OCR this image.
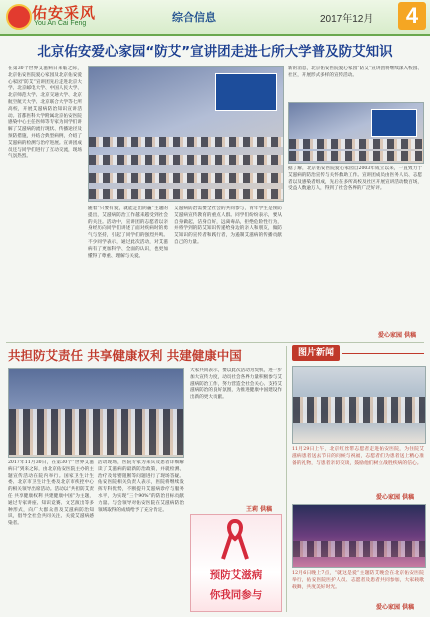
佑安采风
You An Cai Feng	综合信息	2017年12月	4
北京佑安爱心家园“防艾”宣讲团走进七所大学普及防艾知识
在第30个世界艾滋病日来临之际，北京佑安医院爱心家园及北京佑安爱心家园“防艾”宣讲团先后走进北京大学、北京邮电大学、中国人民大学、北京师范大学、北京交通大学、北京航空航天大学、北京联合大学等七所高校，开展艾滋病防治知识宣讲活动。首都医科大学附属北京佑安医院感染中心主任医师等专家为同学们讲解了艾滋病的流行现状、传播途径及预防措施，并结合典型病例，介绍了艾滋病的检测与治疗进展。宣讲团成员还与同学们进行了互动交流，现场气氛热烈。
随着“只要有爱，就能走出阴霾”主题的提出，艾滋病防治工作越来越受到社会的关注。活动中，宣讲团的志愿者以亲身经历向同学们讲述了面对疾病时的勇气与坚持，引起了同学们的强烈共鸣。不少同学表示，通过此次活动，对艾滋病有了更加科学、全面的认识，也更加懂得了尊重、理解与关爱。
艾滋病防治需要全社会的共同参与，青年学生是预防艾滋病宣传教育的重点人群。同学们纷纷表示，要从自身做起，洁身自好，远离毒品，拒绝危险性行为，并将学到的防艾知识传递给身边的亲人和朋友，做防艾知识的宣传者和践行者，为遏制艾滋病的传播贡献自己的力量。
新的消息，北京佑安医院爱心家园“防艾”宣讲团将继续深入校园、社区，开展形式多样的宣传活动。
据了解，北京佑安医院爱心家园自2003年成立以来，一直致力于艾滋病的防治宣传与关怀救助工作。宣讲团成员由医务人员、志愿者以及感染者组成，先后在多所高校及社区开展宣讲活动数百场，受益人数逾万人，得到了社会各界的广泛好评。
爱心家园 供稿
共担防艾责任 共享健康权利 共建健康中国
2017年11月30日，在第30个“世界艾滋病日”到来之际，由北京佑安医院主办的主题宣传活动在院内举行。国家卫生计生委、北京市卫生计生委及北京市疾控中心的相关领导出席活动。活动以“共担防艾责任 共享健康权利 共建健康中国”为主题，通过专家讲座、知识竞赛、文艺演出等多种形式，向广大群众普及艾滋病防治知识，倡导全社会共同关注、关爱艾滋病感染者。
活动现场，医院专家为来宾及患者详细解读了艾滋病的最新防治政策，并就检测、治疗及母婴阻断等问题进行了现场答疑。佑安医院相关负责人表示，医院将继续发挥专科优势，不断提升艾滋病诊疗与服务水平，为实现“三个90%”的防治目标贡献力量。与会领导对佑安医院在艾滋病防治领域取得的成绩给予了充分肯定。
大家共同表示，要以此次活动为契机，进一步加大宣传力度，动员社会各界力量积极参与艾滋病防治工作，努力营造全社会关心、支持艾滋病防治的良好氛围，为推进健康中国建设作出新的更大贡献。
王莉 供稿
预防艾滋病
你我同参与
图片新闻
11月29日上午，北京红丝带志愿者走进佑安医院，为住院艾滋病患者送去节日的问候与祝福，志愿者们为患者送上精心准备的礼物，与患者亲切交谈，鼓励他们树立战胜疾病的信心。
爱心家园 供稿
12月6日晚上7点，“就这是爱”主题防艾晚会在北京佑安医院举行，佑安医院医护人员、志愿者及患者共同参加，大家载歌载舞，共度美好时光。
爱心家园 供稿
